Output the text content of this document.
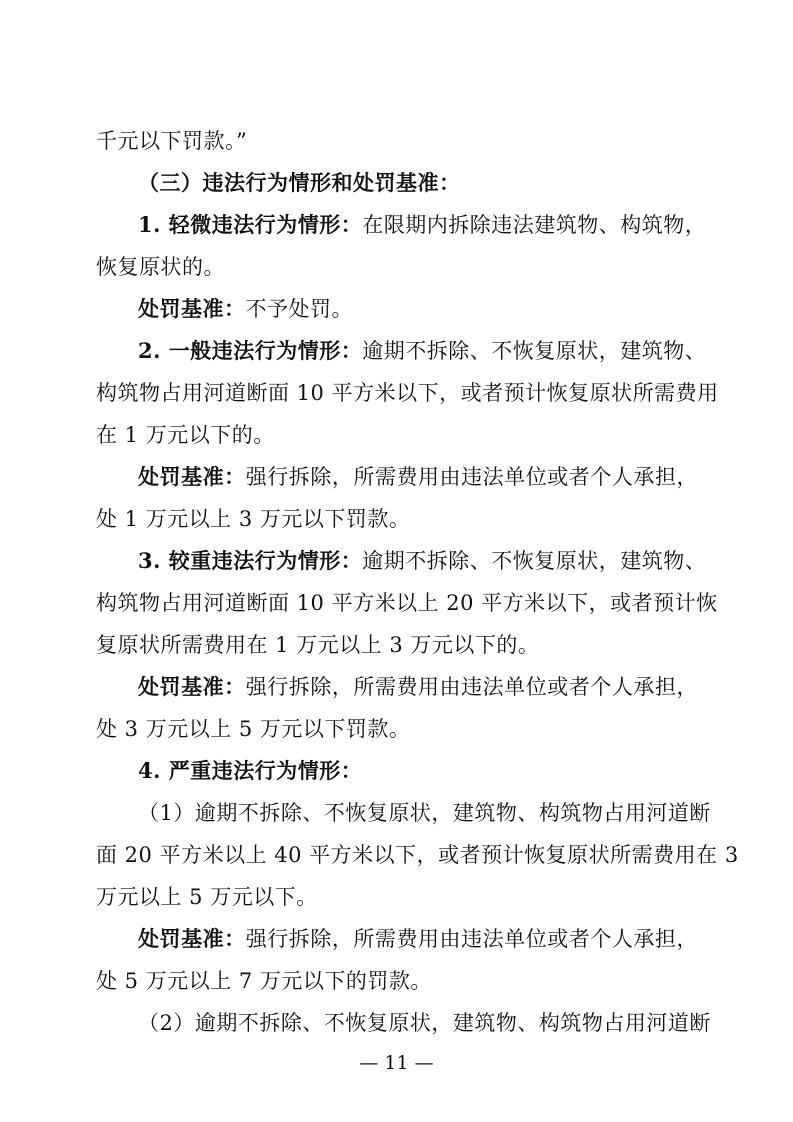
千元以下罚款。”
（三）违法行为情形和处罚基准：
1. 轻微违法行为情形：在限期内拆除违法建筑物、构筑物，
恢复原状的。
处罚基准：不予处罚。
2. 一般违法行为情形：逾期不拆除、不恢复原状，建筑物、
构筑物占用河道断面 10 平方米以下，或者预计恢复原状所需费用
在 1 万元以下的。
处罚基准：强行拆除，所需费用由违法单位或者个人承担，
处 1 万元以上 3 万元以下罚款。
3. 较重违法行为情形：逾期不拆除、不恢复原状，建筑物、
构筑物占用河道断面 10 平方米以上 20 平方米以下，或者预计恢
复原状所需费用在 1 万元以上 3 万元以下的。
处罚基准：强行拆除，所需费用由违法单位或者个人承担，
处 3 万元以上 5 万元以下罚款。
4. 严重违法行为情形：
（1）逾期不拆除、不恢复原状，建筑物、构筑物占用河道断
面 20 平方米以上 40 平方米以下，或者预计恢复原状所需费用在 3
万元以上 5 万元以下。
处罚基准：强行拆除，所需费用由违法单位或者个人承担，
处 5 万元以上 7 万元以下的罚款。
（2）逾期不拆除、不恢复原状，建筑物、构筑物占用河道断
— 11 —
